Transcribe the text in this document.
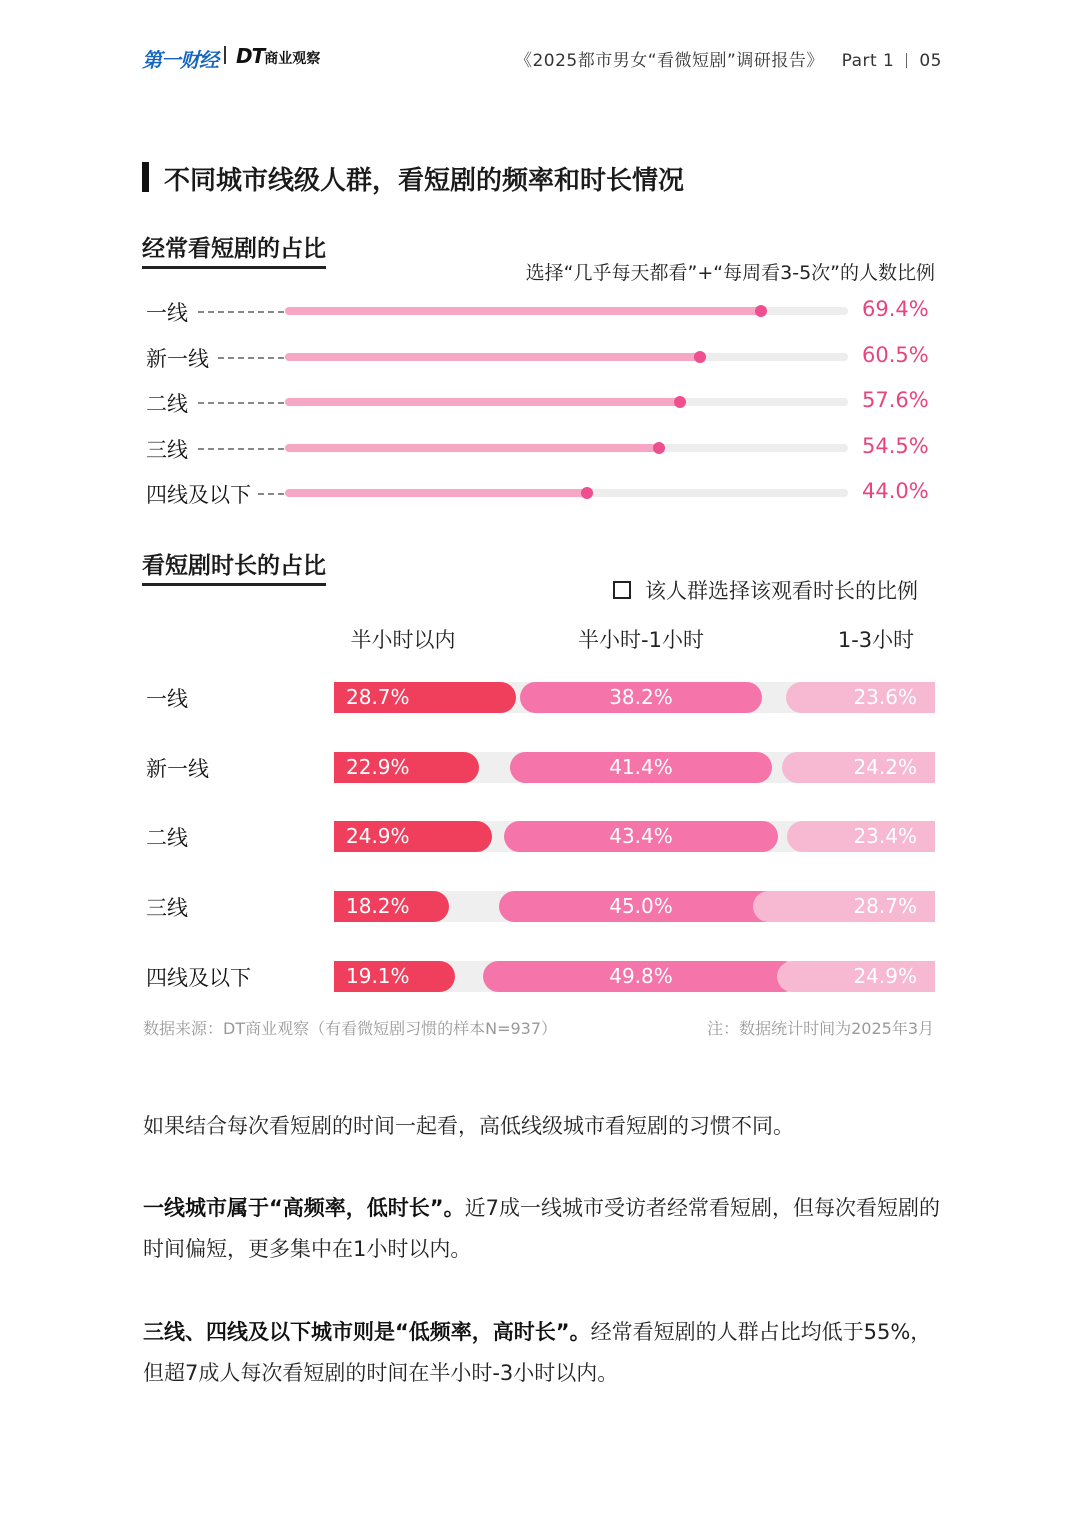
第一财经 DT商业观察	《2025都市男女“看微短剧”调研报告》 Part 1 05
不同城市线级人群，看短剧的频率和时长情况
经常看短剧的占比
选择“几乎每天都看”+“每周看3-5次”的人数比例
一线	69.4%
新一线	60.5%
二线	57.6%
三线	54.5%
四线及以下	44.0%
看短剧时长的占比
该人群选择该观看时长的比例
半小时以内	半小时-1小时	1-3小时
一线	28.7%	38.2%	23.6%
新一线	22.9%	41.4%	24.2%
二线	24.9%	43.4%	23.4%
三线	18.2%	45.0%	28.7%
四线及以下	19.1%	49.8%	24.9%
数据来源：DT商业观察（有看微短剧习惯的样本N=937）	注：数据统计时间为2025年3月
如果结合每次看短剧的时间一起看，高低线级城市看短剧的习惯不同。
一线城市属于“高频率，低时长”。近7成一线城市受访者经常看短剧，但每次看短剧的时间偏短，更多集中在1小时以内。
三线、四线及以下城市则是“低频率，高时长”。经常看短剧的人群占比均低于55%，但超7成人每次看短剧的时间在半小时-3小时以内。
